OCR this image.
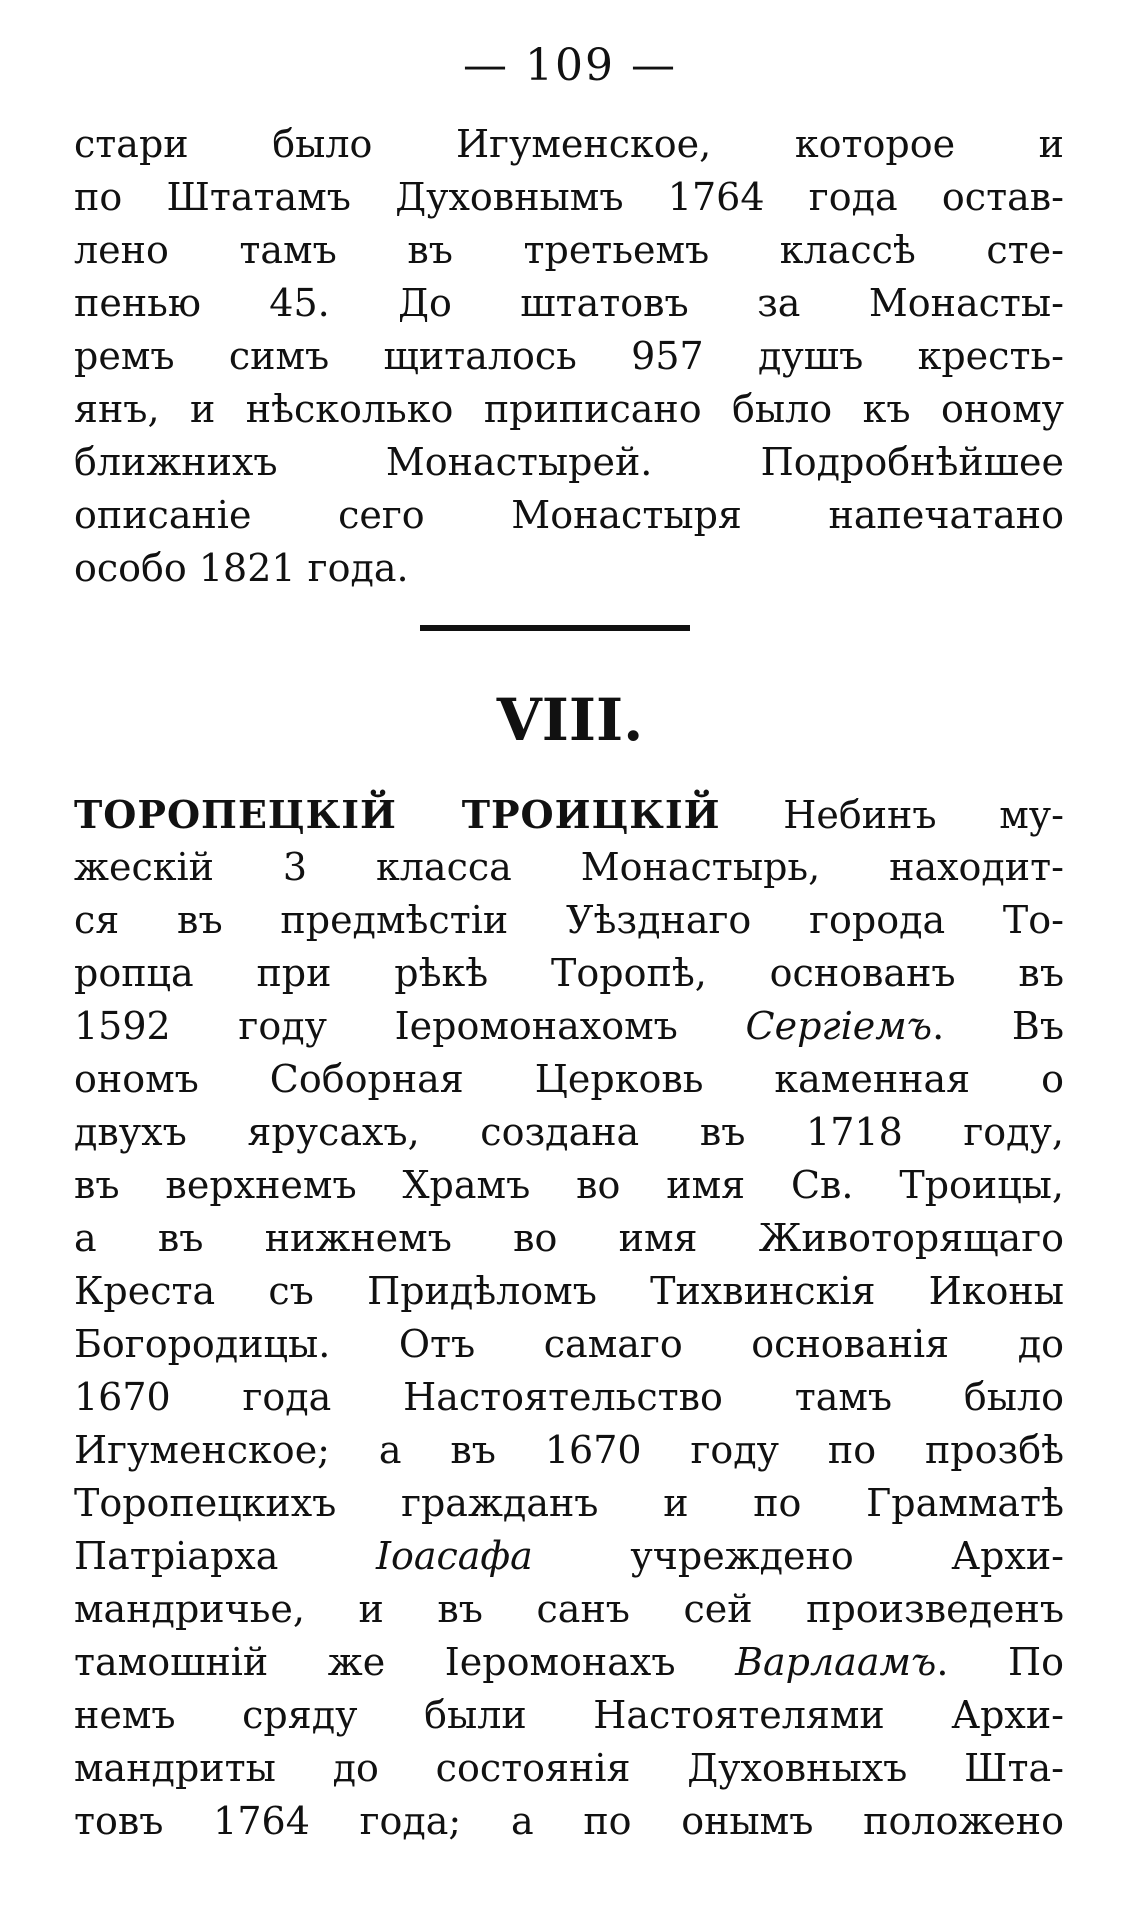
— 109 —
стари было Игуменское, которое и
по Штатамъ Духовнымъ 1764 года остав-
лено тамъ въ третьемъ классѣ сте-
пенью 45. До штатовъ за Монасты-
ремъ симъ щиталось 957 душъ кресть-
янъ, и нѣсколько приписано было къ оному
ближнихъ Монастырей. Подробнѣйшее
описанiе сего Монастыря напечатано
особо 1821 года.
VIII.
ТОРОПЕЦКIЙ ТРОИЦКIЙ Небинъ му-
жескiй 3 класса Монастырь, находит-
ся въ предмѣстiи Уѣзднаго города То-
ропца при рѣкѣ Торопѣ, основанъ въ
1592 году Iеромонахомъ Сергiемъ. Въ
ономъ Соборная Церковь каменная о
двухъ ярусахъ, создана въ 1718 году,
въ верхнемъ Храмъ во имя Св. Троицы,
а въ нижнемъ во имя Животорящаго
Креста съ Придѣломъ Тихвинскiя Иконы
Богородицы. Отъ самаго основанiя до
1670 года Настоятельство тамъ было
Игуменское; а въ 1670 году по прозбѣ
Торопецкихъ гражданъ и по Грамматѣ
Патрiарха Iоасафа учреждено Архи-
мандричье, и въ санъ сей произведенъ
тамошнiй же Iеромонахъ Варлаамъ. По
немъ сряду были Настоятелями Архи-
мандриты до состоянiя Духовныхъ Шта-
товъ 1764 года; а по онымъ положено
